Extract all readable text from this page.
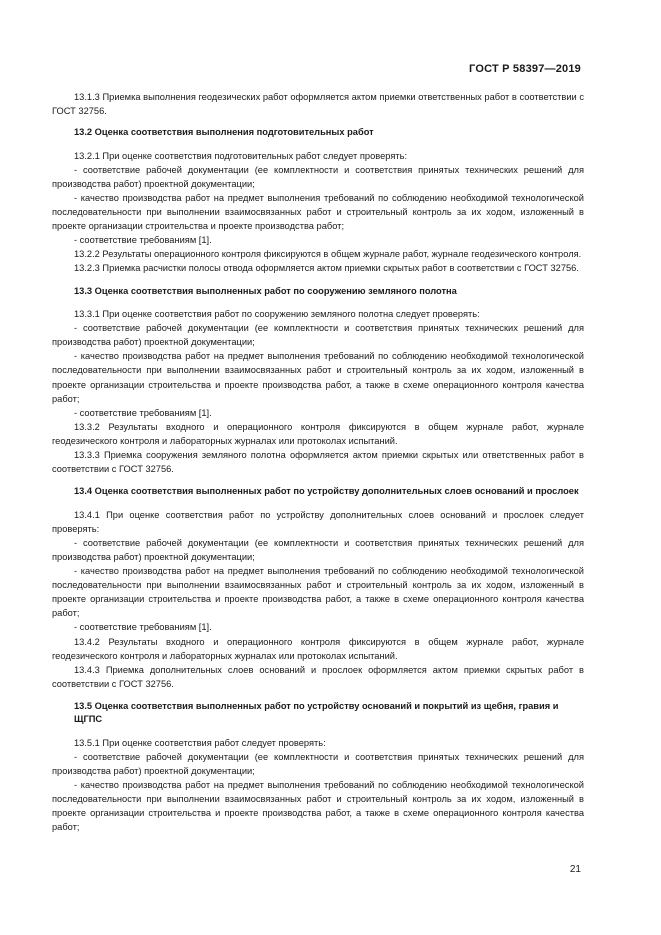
ГОСТ Р 58397—2019

13.1.3 Приемка выполнения геодезических работ оформляется актом приемки ответственных работ в соответствии с ГОСТ 32756.

13.2 Оценка соответствия выполнения подготовительных работ

13.2.1 При оценке соответствия подготовительных работ следует проверять:

- соответствие рабочей документации (ее комплектности и соответствия принятых технических решений для производства работ) проектной документации;

- качество производства работ на предмет выполнения требований по соблюдению необходимой технологической последовательности при выполнении взаимосвязанных работ и строительный контроль за их ходом, изложенный в проекте организации строительства и проекте производства работ;

- соответствие требованиям [1].

13.2.2 Результаты операционного контроля фиксируются в общем журнале работ, журнале геодезического контроля.

13.2.3 Приемка расчистки полосы отвода оформляется актом приемки скрытых работ в соответствии с ГОСТ 32756.

13.3 Оценка соответствия выполненных работ по сооружению земляного полотна

13.3.1 При оценке соответствия работ по сооружению земляного полотна следует проверять:

- соответствие рабочей документации (ее комплектности и соответствия принятых технических решений для производства работ) проектной документации;

- качество производства работ на предмет выполнения требований по соблюдению необходимой технологической последовательности при выполнении взаимосвязанных работ и строительный контроль за их ходом, изложенный в проекте организации строительства и проекте производства работ, а также в схеме операционного контроля качества работ;

- соответствие требованиям [1].

13.3.2 Результаты входного и операционного контроля фиксируются в общем журнале работ, журнале геодезического контроля и лабораторных журналах или протоколах испытаний.

13.3.3 Приемка сооружения земляного полотна оформляется актом приемки скрытых или ответственных работ в соответствии с ГОСТ 32756.

13.4 Оценка соответствия выполненных работ по устройству дополнительных слоев оснований и прослоек

13.4.1 При оценке соответствия работ по устройству дополнительных слоев оснований и прослоек следует проверять:

- соответствие рабочей документации (ее комплектности и соответствия принятых технических решений для производства работ) проектной документации;

- качество производства работ на предмет выполнения требований по соблюдению необходимой технологической последовательности при выполнении взаимосвязанных работ и строительный контроль за их ходом, изложенный в проекте организации строительства и проекте производства работ, а также в схеме операционного контроля качества работ;

- соответствие требованиям [1].

13.4.2 Результаты входного и операционного контроля фиксируются в общем журнале работ, журнале геодезического контроля и лабораторных журналах или протоколах испытаний.

13.4.3 Приемка дополнительных слоев оснований и прослоек оформляется актом приемки скрытых работ в соответствии с ГОСТ 32756.

13.5 Оценка соответствия выполненных работ по устройству оснований и покрытий из щебня, гравия и ЩГПС

13.5.1 При оценке соответствия работ следует проверять:

- соответствие рабочей документации (ее комплектности и соответствия принятых технических решений для производства работ) проектной документации;

- качество производства работ на предмет выполнения требований по соблюдению необходимой технологической последовательности при выполнении взаимосвязанных работ и строительный контроль за их ходом, изложенный в проекте организации строительства и проекте производства работ, а также в схеме операционного контроля качества работ;

21
